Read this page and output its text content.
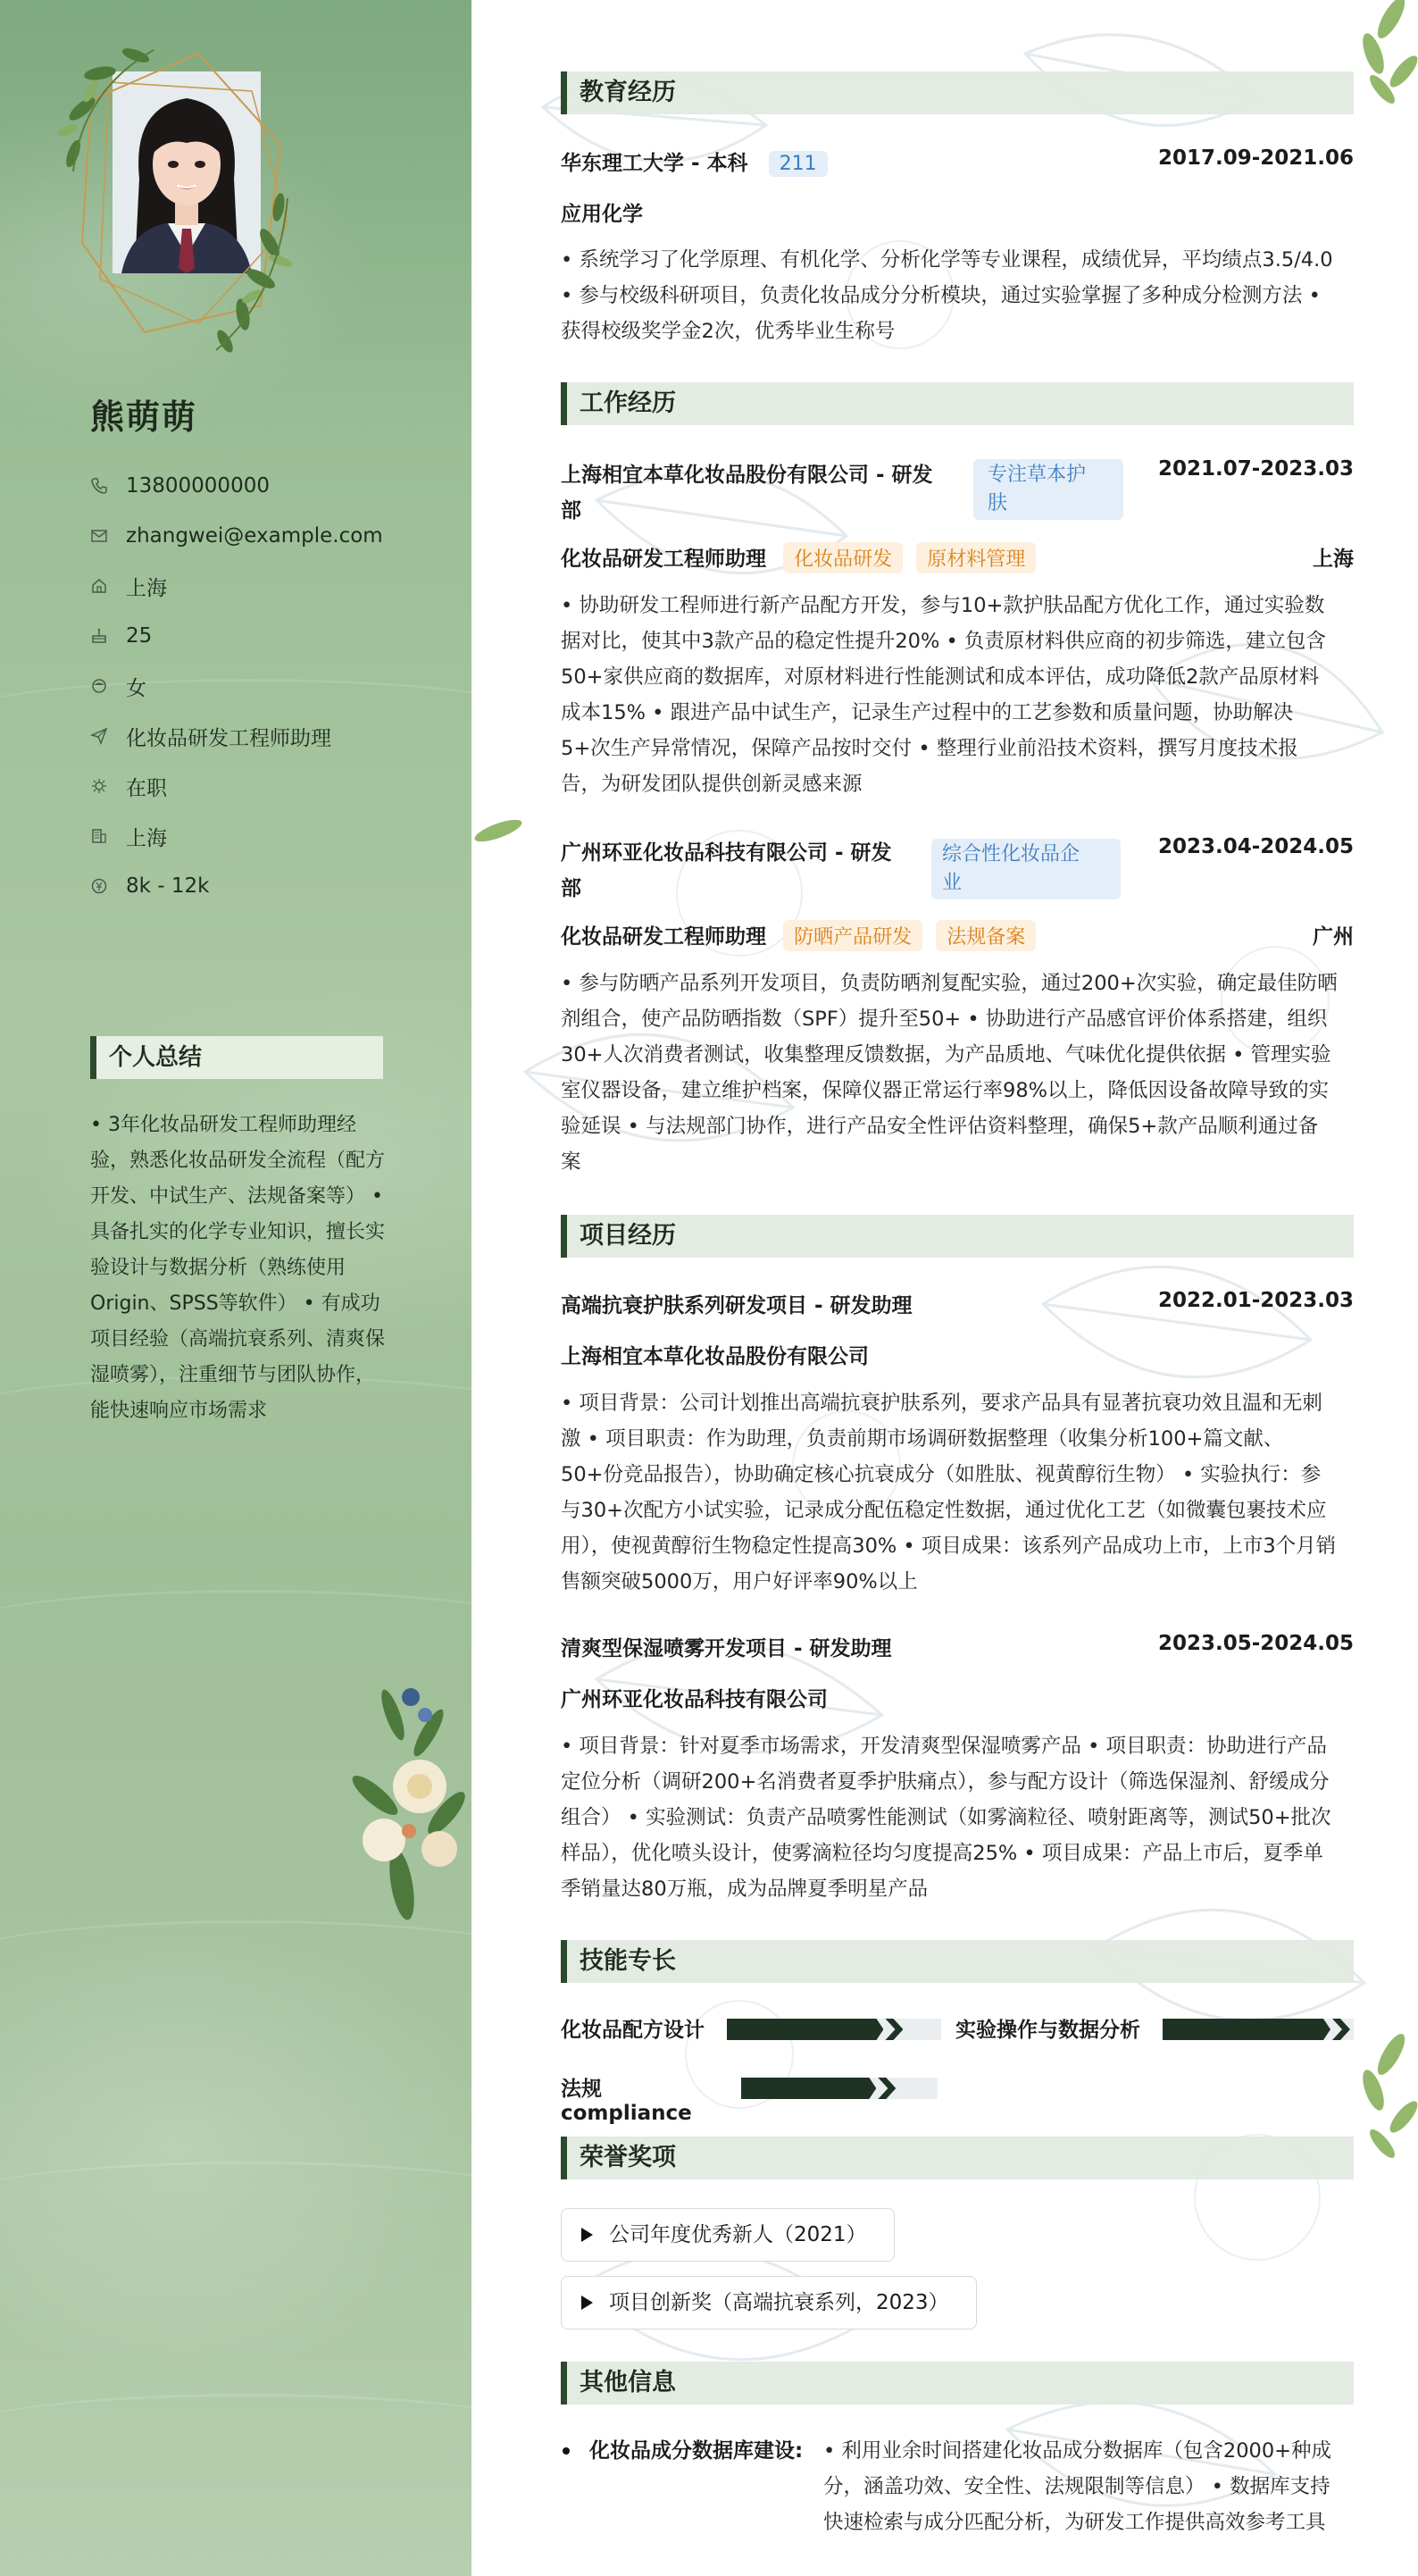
熊萌萌
13800000000
zhangwei@example.com
上海
25
女
化妆品研发工程师助理
在职
上海
8k - 12k
个人总结
• 3年化妆品研发工程师助理经验，熟悉化妆品研发全流程（配方开发、中试生产、法规备案等） • 具备扎实的化学专业知识，擅长实验设计与数据分析（熟练使用Origin、SPSS等软件） • 有成功项目经验（高端抗衰系列、清爽保湿喷雾），注重细节与团队协作，能快速响应市场需求
教育经历
华东理工大学 - 本科 211	2017.09-2021.06
应用化学
• 系统学习了化学原理、有机化学、分析化学等专业课程，成绩优异，平均绩点3.5/4.0 • 参与校级科研项目，负责化妆品成分分析模块，通过实验掌握了多种成分检测方法 • 获得校级奖学金2次，优秀毕业生称号
工作经历
上海相宜本草化妆品股份有限公司 - 研发
部
专注草本护
肤
2021.07-2023.03
化妆品研发工程师助理 化妆品研发 原材料管理	上海
• 协助研发工程师进行新产品配方开发，参与10+款护肤品配方优化工作，通过实验数据对比，使其中3款产品的稳定性提升20% • 负责原材料供应商的初步筛选，建立包含50+家供应商的数据库，对原材料进行性能测试和成本评估，成功降低2款产品原材料成本15% • 跟进产品中试生产，记录生产过程中的工艺参数和质量问题，协助解决5+次生产异常情况，保障产品按时交付 • 整理行业前沿技术资料，撰写月度技术报告，为研发团队提供创新灵感来源
广州环亚化妆品科技有限公司 - 研发
部
综合性化妆品企
业
2023.04-2024.05
化妆品研发工程师助理 防晒产品研发 法规备案	广州
• 参与防晒产品系列开发项目，负责防晒剂复配实验，通过200+次实验，确定最佳防晒剂组合，使产品防晒指数（SPF）提升至50+ • 协助进行产品感官评价体系搭建，组织30+人次消费者测试，收集整理反馈数据，为产品质地、气味优化提供依据 • 管理实验室仪器设备，建立维护档案，保障仪器正常运行率98%以上，降低因设备故障导致的实验延误 • 与法规部门协作，进行产品安全性评估资料整理，确保5+款产品顺利通过备案
项目经历
高端抗衰护肤系列研发项目 - 研发助理	2022.01-2023.03
上海相宜本草化妆品股份有限公司
• 项目背景：公司计划推出高端抗衰护肤系列，要求产品具有显著抗衰功效且温和无刺激 • 项目职责：作为助理，负责前期市场调研数据整理（收集分析100+篇文献、50+份竞品报告），协助确定核心抗衰成分（如胜肽、视黄醇衍生物） • 实验执行：参与30+次配方小试实验，记录成分配伍稳定性数据，通过优化工艺（如微囊包裹技术应用），使视黄醇衍生物稳定性提高30% • 项目成果：该系列产品成功上市，上市3个月销售额突破5000万，用户好评率90%以上
清爽型保湿喷雾开发项目 - 研发助理	2023.05-2024.05
广州环亚化妆品科技有限公司
• 项目背景：针对夏季市场需求，开发清爽型保湿喷雾产品 • 项目职责：协助进行产品定位分析（调研200+名消费者夏季护肤痛点），参与配方设计（筛选保湿剂、舒缓成分组合） • 实验测试：负责产品喷雾性能测试（如雾滴粒径、喷射距离等，测试50+批次样品），优化喷头设计，使雾滴粒径均匀度提高25% • 项目成果：产品上市后，夏季单季销量达80万瓶，成为品牌夏季明星产品
技能专长
化妆品配方设计	实验操作与数据分析
法规 compliance
荣誉奖项
公司年度优秀新人（2021）
项目创新奖（高端抗衰系列，2023）
其他信息
化妆品成分数据库建设: • 利用业余时间搭建化妆品成分数据库（包含2000+种成分，涵盖功效、安全性、法规限制等信息） • 数据库支持快速检索与成分匹配分析，为研发工作提供高效参考工具
